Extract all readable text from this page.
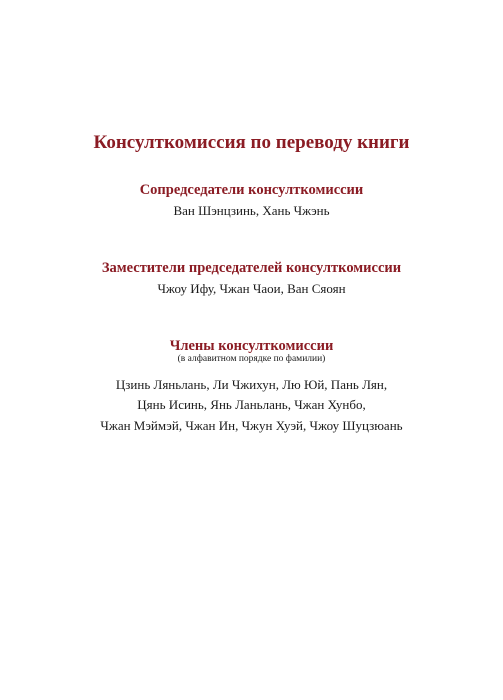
Консулткомиссия по переводу книги
Сопредседатели консулткомиссии

Ван Шэнцзинь, Хань Чжэнь

Заместители председателей консулткомиссии

Чжоу Ифу, Чжан Чаои, Ван Сяоян

Члены консулткомиссии

(в алфавитном порядке по фамилии)

Цзинь Ляньлань, Ли Чжихун, Лю Юй, Пань Лян,

Цянь Исинь, Янь Ланьлань, Чжан Хунбо,

Чжан Мэймэй, Чжан Ин, Чжун Хуэй, Чжоу Шуцзюань
